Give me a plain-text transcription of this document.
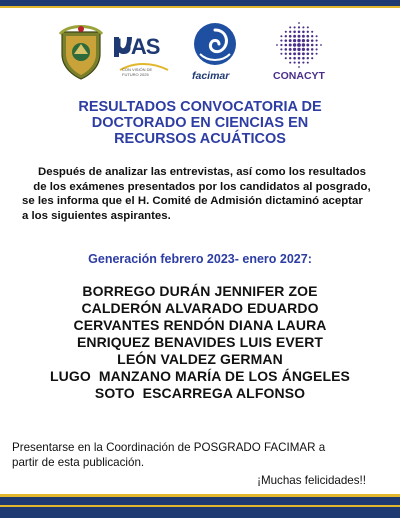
UAS
CON VISIÓN DE FUTURO 2025	facimar	CONACYT
RESULTADOS CONVOCATORIA DE
DOCTORADO EN CIENCIAS EN
RECURSOS ACUÁTICOS
Después de analizar las entrevistas, así como los resultados
de los exámenes presentados por los candidatos al posgrado,
se les informa que el H. Comité de Admisión dictaminó aceptar
a los siguientes aspirantes.
Generación febrero 2023- enero 2027:
BORREGO DURÁN JENNIFER ZOE
CALDERÓN ALVARADO EDUARDO
CERVANTES RENDÓN DIANA LAURA
ENRIQUEZ BENAVIDES LUIS EVERT
LEÓN VALDEZ GERMAN
LUGO  MANZANO MARÍA DE LOS ÁNGELES
SOTO  ESCARREGA ALFONSO
Presentarse en la Coordinación de POSGRADO FACIMAR a
partir de esta publicación.
¡Muchas felicidades!!
